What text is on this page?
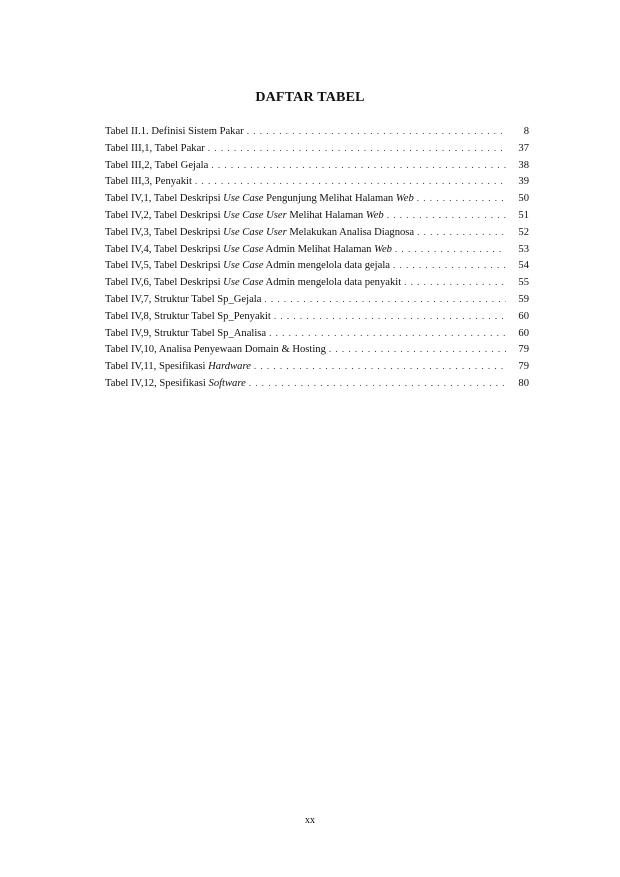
DAFTAR TABEL
Tabel II.1. Definisi Sistem Pakar . . .	8
Tabel III,1, Tabel Pakar . . .	37
Tabel III,2, Tabel Gejala . . .	38
Tabel III,3, Penyakit . . .	39
Tabel IV,1, Tabel Deskripsi Use Case Pengunjung Melihat Halaman Web . . .	50
Tabel IV,2, Tabel Deskripsi Use Case User Melihat Halaman Web . . .	51
Tabel IV,3, Tabel Deskripsi Use Case User Melakukan Analisa Diagnosa . . .	52
Tabel IV,4, Tabel Deskripsi Use Case Admin Melihat Halaman Web . . .	53
Tabel IV,5, Tabel Deskripsi Use Case Admin mengelola data gejala . . .	54
Tabel IV,6, Tabel Deskripsi Use Case Admin mengelola data penyakit . . .	55
Tabel IV,7, Struktur Tabel Sp_Gejala . . .	59
Tabel IV,8, Struktur Tabel Sp_Penyakit . . .	60
Tabel IV,9, Struktur Tabel Sp_Analisa . . .	60
Tabel IV,10, Analisa Penyewaan Domain & Hosting . . .	79
Tabel IV,11, Spesifikasi Hardware . . .	79
Tabel IV,12, Spesifikasi Software . . .	80
xx
